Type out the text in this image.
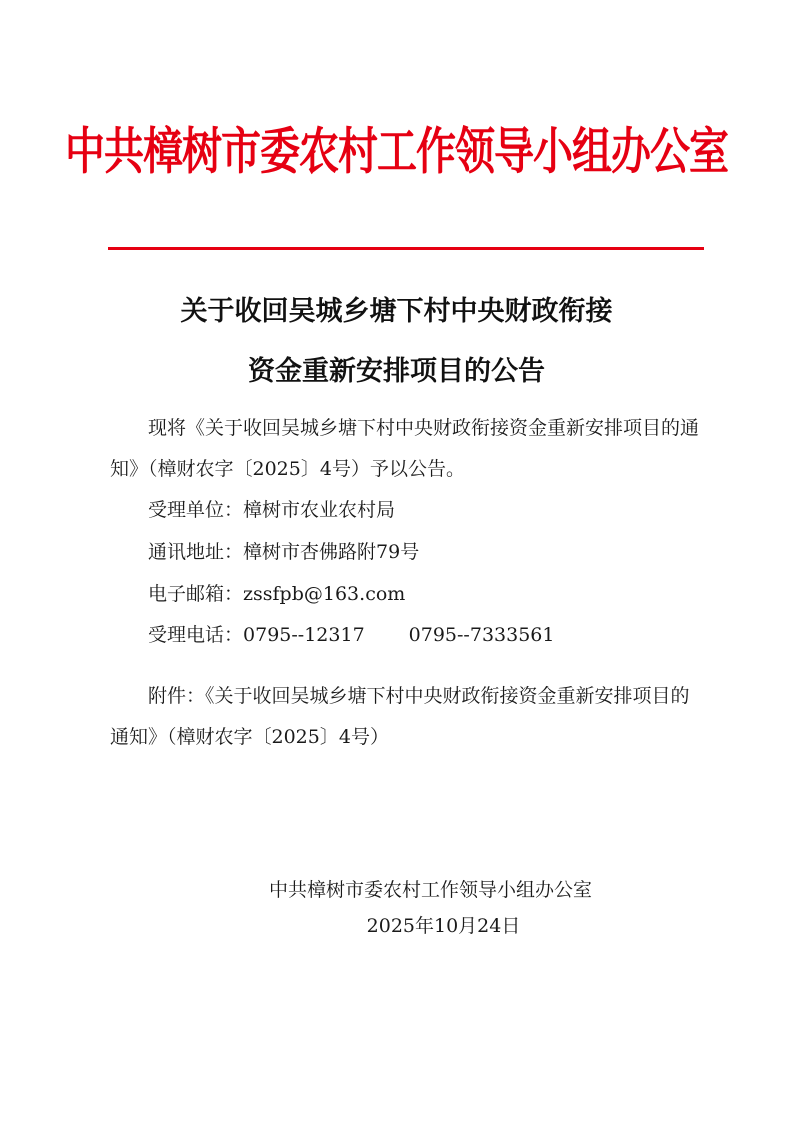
中共樟树市委农村工作领导小组办公室
关于收回吴城乡塘下村中央财政衔接
资金重新安排项目的公告
现将《关于收回吴城乡塘下村中央财政衔接资金重新安排项目的通知》（樟财农字〔2025〕4号）予以公告。
受理单位：樟树市农业农村局
通讯地址：樟树市杏佛路附79号
电子邮箱：zssfpb@163.com
受理电话：0795--12317 0795--7333561
附件：《关于收回吴城乡塘下村中央财政衔接资金重新安排项目的通知》（樟财农字〔2025〕4号）
中共樟树市委农村工作领导小组办公室
2025年10月24日
